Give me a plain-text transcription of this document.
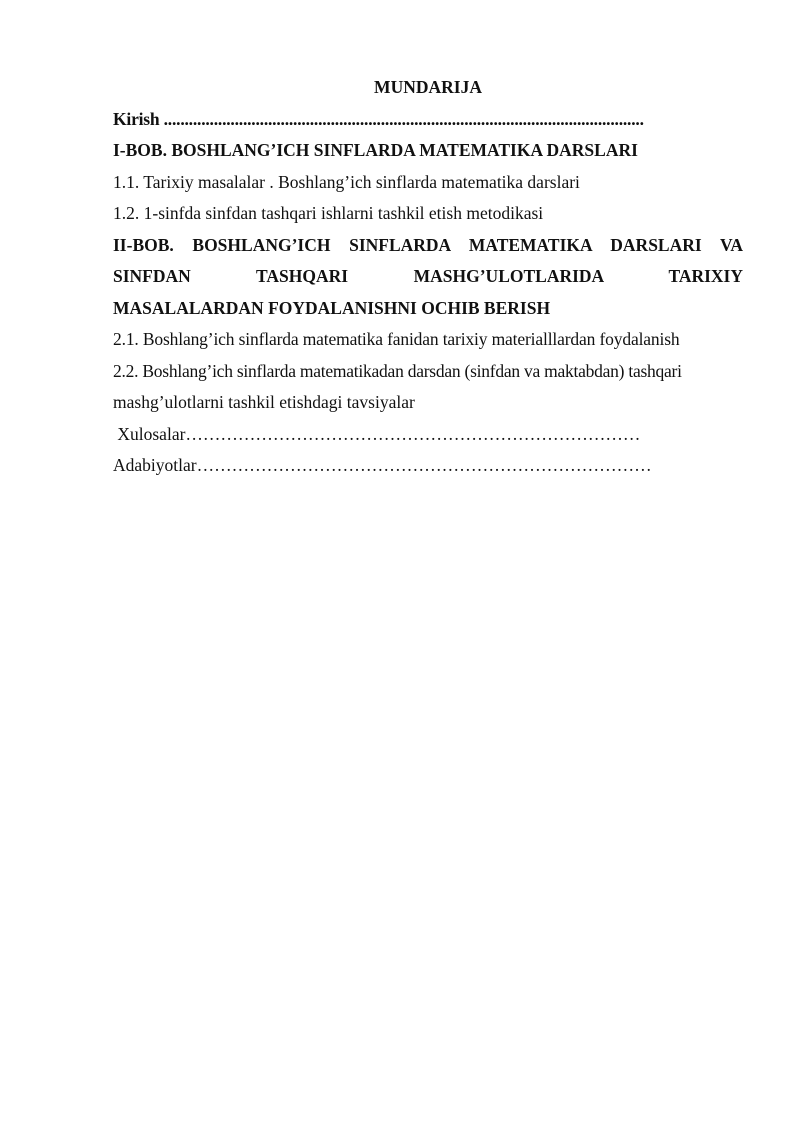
MUNDARIJA

Kirish ...................................................................................................................

I-BOB. BOSHLANG’ICH SINFLARDA MATEMATIKA DARSLARI

1.1. Tarixiy masalalar . Boshlang’ich sinflarda matematika darslari

1.2. 1-sinfda sinfdan tashqari ishlarni tashkil etish metodikasi

II-BOB. BOSHLANG’ICH SINFLARDA MATEMATIKA DARSLARI VA
SINFDAN TASHQARI MASHG’ULOTLARIDA TARIXIY
MASALALARDAN FOYDALANISHNI OCHIB BERISH

2.1. Boshlang’ich sinflarda matematika fanidan tarixiy materialllardan foydalanish

2.2. Boshlang’ich sinflarda matematikadan darsdan (sinfdan va maktabdan) tashqari

mashg’ulotlarni tashkil etishdagi tavsiyalar

Xulosalar……………………………………………………………………

Adabiyotlar……………………………………………………………………
